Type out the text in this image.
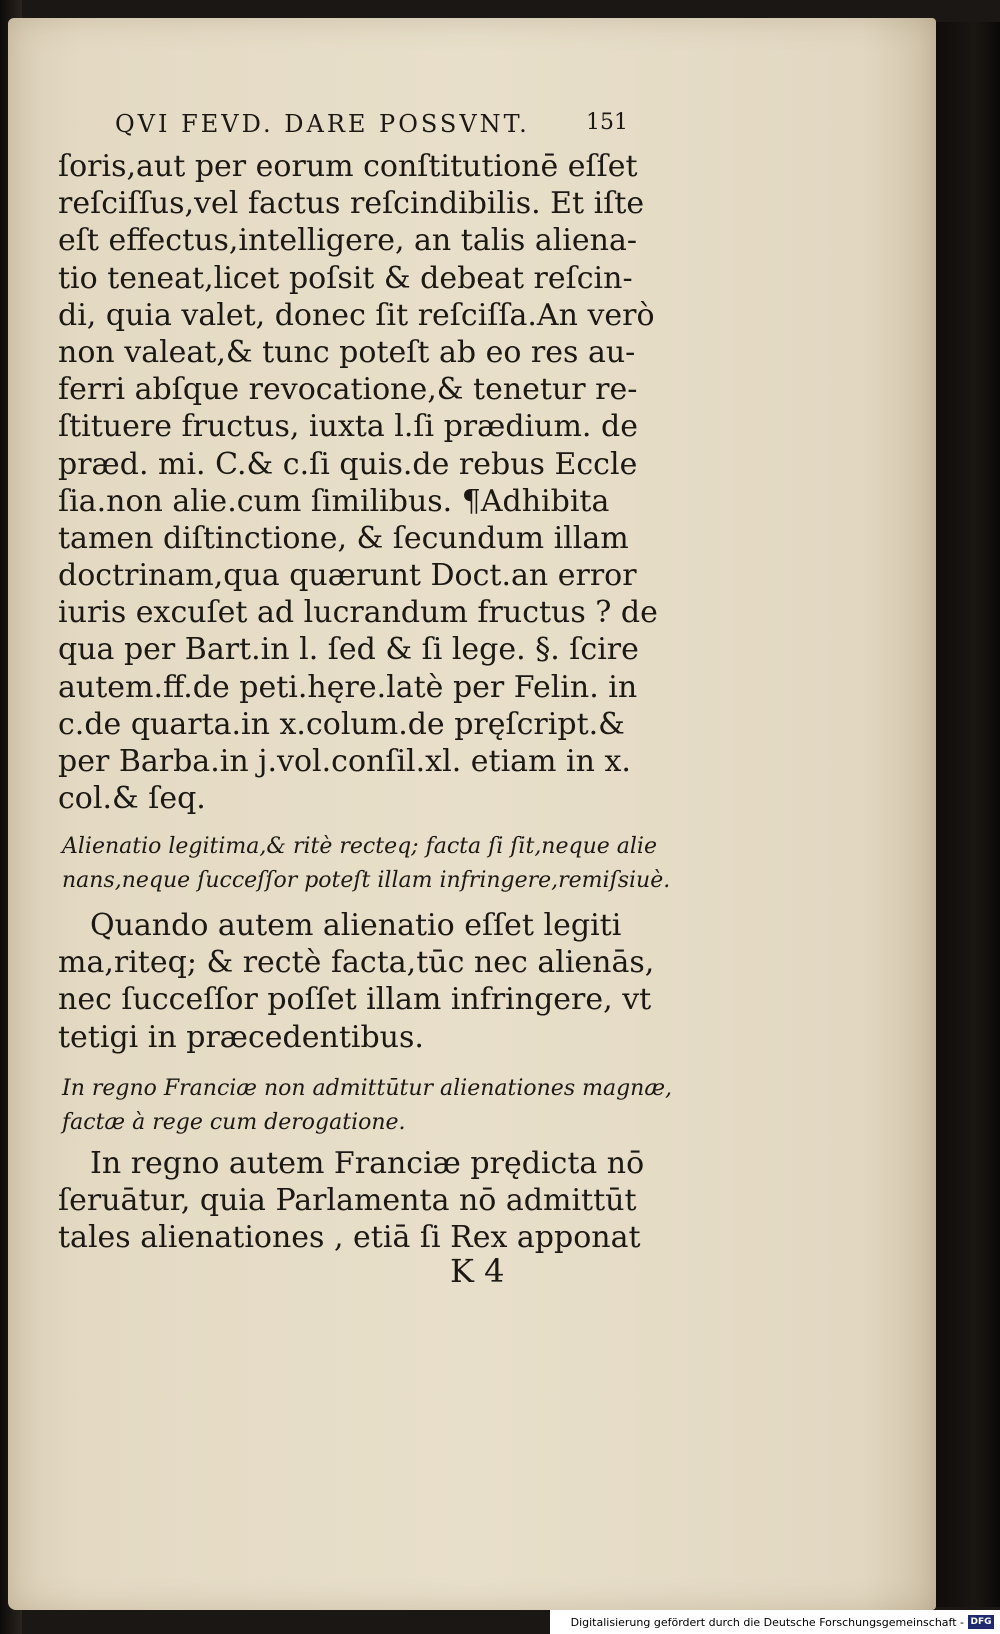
QVI FEVD. DARE POSSVNT.	151
ſoris,aut per eorum conſtitutionē eſſet
reſciſſus,vel factus reſcindibilis. Et iſte
eſt effectus,intelligere, an talis aliena-
tio teneat,licet poſsit & debeat reſcin-
di, quia valet, donec ſit reſciſſa.An verò
non valeat,& tunc poteſt ab eo res au-
ferri abſque revocatione,& tenetur re-
ſtituere fructus, iuxta l.ſi prædium. de
præd. mi. C.& c.ſi quis.de rebus Eccle
ſia.non alie.cum ſimilibus. ¶Adhibita
tamen diſtinctione, & ſecundum illam
doctrinam,qua quærunt Doct.an error
iuris excuſet ad lucrandum fructus ? de
qua per Bart.in l. ſed & ſi lege. §. ſcire
autem.ff.de peti.hęre.latè per Felin. in
c.de quarta.in x.colum.de pręſcript.&
per Barba.in j.vol.conſil.xl. etiam in x.
col.& ſeq.
Alienatio legitima,& ritè recteq; facta ſi ſit,neque alie
nans,neque ſucceſſor poteſt illam infringere,remiſsiuè.
Quando autem alienatio eſſet legiti
ma,riteq; & rectè facta,tūc nec alienās,
nec ſucceſſor poſſet illam infringere, vt
tetigi in præcedentibus.
In regno Franciæ non admittūtur alienationes magnæ,
factæ à rege cum derogatione.
In regno autem Franciæ prędicta nō
ſeruātur, quia Parlamenta nō admittūt
tales alienationes , etiā ſi Rex apponat
K 4
Digitalisierung gefördert durch die Deutsche Forschungsgemeinschaft - DFG
